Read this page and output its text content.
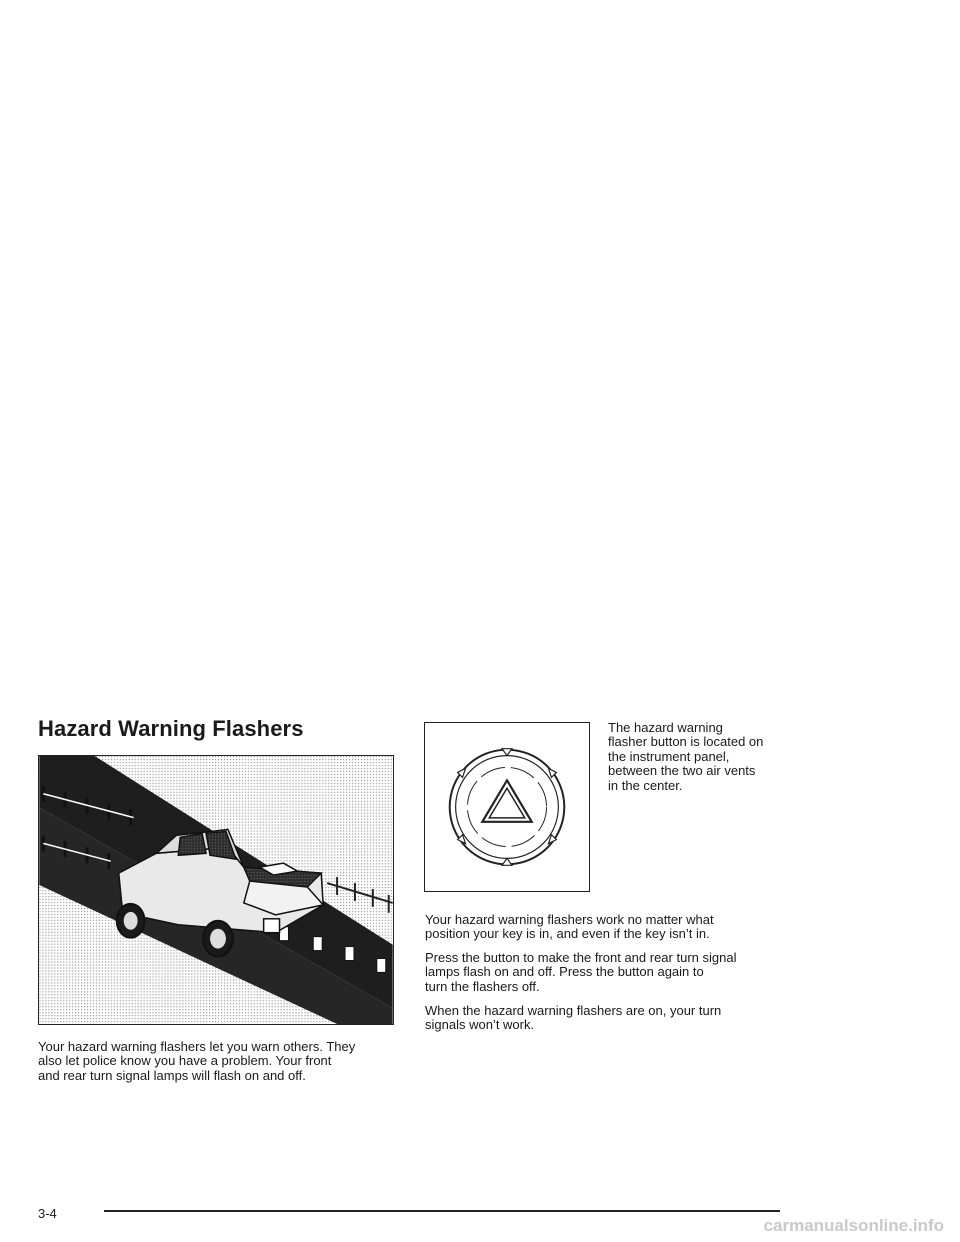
Hazard Warning Flashers

Your hazard warning flashers let you warn others. They
also let police know you have a problem. Your front
and rear turn signal lamps will flash on and off.

The hazard warning
flasher button is located on
the instrument panel,
between the two air vents
in the center.

Your hazard warning flashers work no matter what
position your key is in, and even if the key isn’t in.

Press the button to make the front and rear turn signal
lamps flash on and off. Press the button again to
turn the flashers off.

When the hazard warning flashers are on, your turn
signals won’t work.

3-4
carmanualsonline.info
